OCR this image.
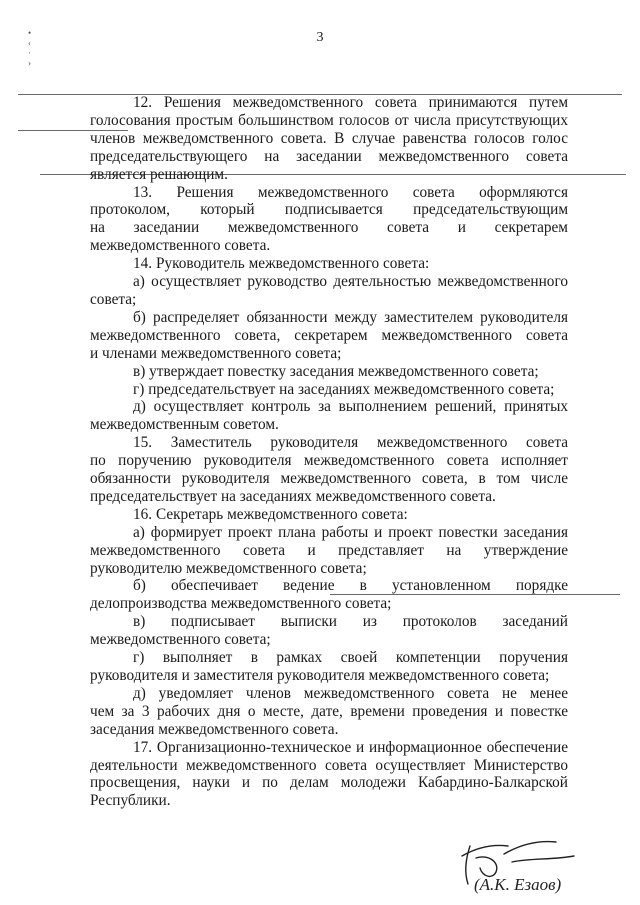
3
•
‹
·
›
12. Решения межведомственного совета принимаются путем
голосования простым большинством голосов от числа присутствующих
членов межведомственного совета. В случае равенства голосов голос
председательствующего на заседании межведомственного совета
является решающим.
13. Решения межведомственного совета оформляются
протоколом, который подписывается председательствующим
на заседании межведомственного совета и секретарем
межведомственного совета.
14. Руководитель межведомственного совета:
а) осуществляет руководство деятельностью межведомственного
совета;
б) распределяет обязанности между заместителем руководителя
межведомственного совета, секретарем межведомственного совета
и членами межведомственного совета;
в) утверждает повестку заседания межведомственного совета;
г) председательствует на заседаниях межведомственного совета;
д) осуществляет контроль за выполнением решений, принятых
межведомственным советом.
15. Заместитель руководителя межведомственного совета
по поручению руководителя межведомственного совета исполняет
обязанности руководителя межведомственного совета, в том числе
председательствует на заседаниях межведомственного совета.
16. Секретарь межведомственного совета:
а) формирует проект плана работы и проект повестки заседания
межведомственного совета и представляет на утверждение
руководителю межведомственного совета;
б) обеспечивает ведение в установленном порядке
делопроизводства межведомственного совета;
в) подписывает выписки из протоколов заседаний
межведомственного совета;
г) выполняет в рамках своей компетенции поручения
руководителя и заместителя руководителя межведомственного совета;
д) уведомляет членов межведомственного совета не менее
чем за 3 рабочих дня о месте, дате, времени проведения и повестке
заседания межведомственного совета.
17. Организационно-техническое и информационное обеспечение
деятельности межведомственного совета осуществляет Министерство
просвещения, науки и по делам молодежи Кабардино-Балкарской
Республики.
(А.К. Езаов)
